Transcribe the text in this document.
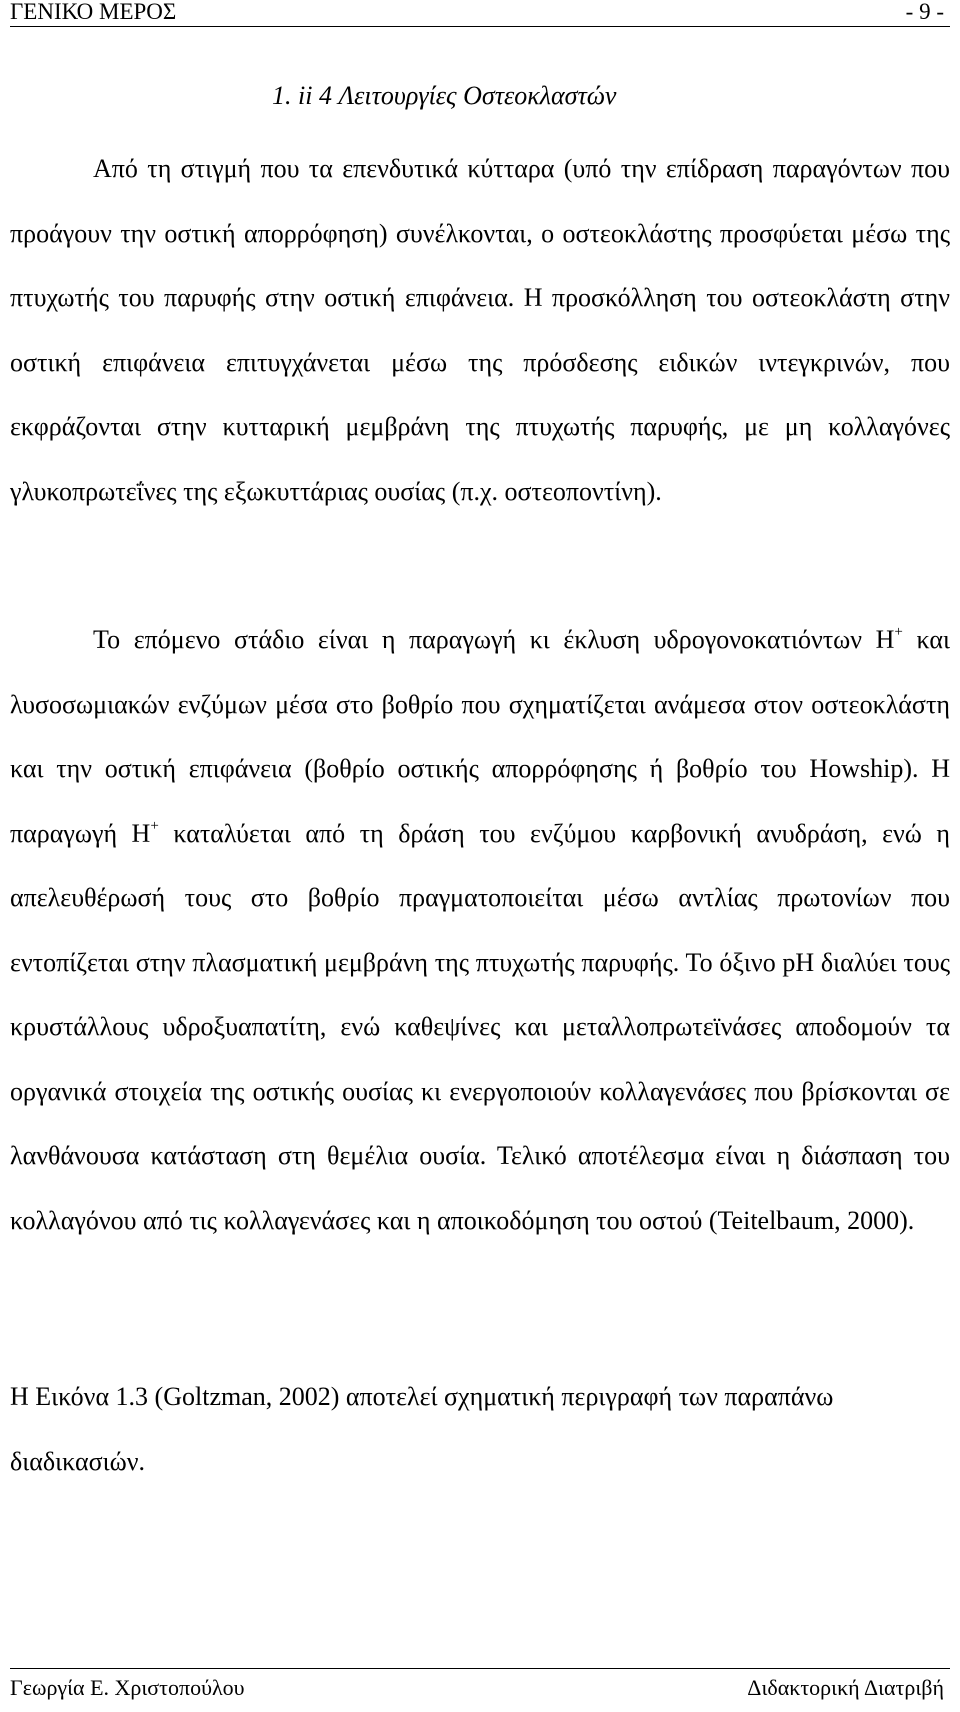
ΓΕΝΙΚΟ ΜΕΡΟΣ	- 9 -
1. ii 4 Λειτουργίες Οστεοκλαστών

Από τη στιγμή που τα επενδυτικά κύτταρα (υπό την επίδραση παραγόντων που προάγουν την οστική απορρόφηση) συνέλκονται, ο οστεοκλάστης προσφύεται μέσω της πτυχωτής του παρυφής στην οστική επιφάνεια. Η προσκόλληση του οστεοκλάστη στην οστική επιφάνεια επιτυγχάνεται μέσω της πρόσδεσης ειδικών ιντεγκρινών, που εκφράζονται στην κυτταρική μεμβράνη της πτυχωτής παρυφής, με μη κολλαγόνες γλυκοπρωτεΐνες της εξωκυττάριας ουσίας (π.χ. οστεοποντίνη).

Το επόμενο στάδιο είναι η παραγωγή κι έκλυση υδρογονοκατιόντων Η+ και λυσοσωμιακών ενζύμων μέσα στο βοθρίο που σχηματίζεται ανάμεσα στον οστεοκλάστη και την οστική επιφάνεια (βοθρίο οστικής απορρόφησης ή βοθρίο του Howship). Η παραγωγή Η+ καταλύεται από τη δράση του ενζύμου καρβονική ανυδράση, ενώ η απελευθέρωσή τους στο βοθρίο πραγματοποιείται μέσω αντλίας πρωτονίων που εντοπίζεται στην πλασματική μεμβράνη της πτυχωτής παρυφής. Το όξινο pH διαλύει τους κρυστάλλους υδροξυαπατίτη, ενώ καθεψίνες και μεταλλοπρωτεϊνάσες αποδομούν τα οργανικά στοιχεία της οστικής ουσίας κι ενεργοποιούν κολλαγενάσες που βρίσκονται σε λανθάνουσα κατάσταση στη θεμέλια ουσία. Τελικό αποτέλεσμα είναι η διάσπαση του κολλαγόνου από τις κολλαγενάσες και η αποικοδόμηση του οστού (Teitelbaum, 2000).

Η Εικόνα 1.3 (Goltzman, 2002) αποτελεί σχηματική περιγραφή των παραπάνω διαδικασιών.

Γεωργία Ε. Χριστοπούλου	Διδακτορική Διατριβή
